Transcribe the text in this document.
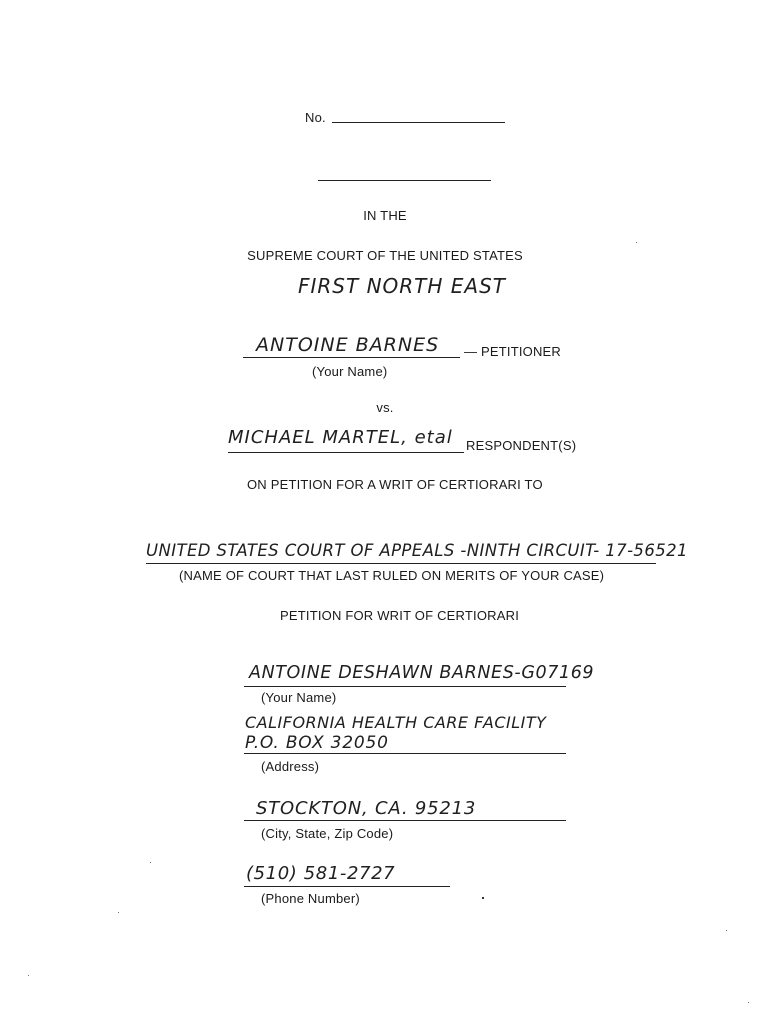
No.
IN THE
SUPREME COURT OF THE UNITED STATES
FIRST NORTH EAST
ANTOINE BARNES — PETITIONER
(Your Name)
vs.
MICHAEL MARTEL, etal RESPONDENT(S)
ON PETITION FOR A WRIT OF CERTIORARI TO
UNITED STATES COURT OF APPEALS -NINTH CIRCUIT- 17-56521
(NAME OF COURT THAT LAST RULED ON MERITS OF YOUR CASE)
PETITION FOR WRIT OF CERTIORARI
ANTOINE DESHAWN BARNES-G07169
(Your Name)
CALIFORNIA HEALTH CARE FACILITY
P.O. BOX 32050
(Address)
STOCKTON, CA. 95213
(City, State, Zip Code)
(510) 581-2727
(Phone Number)
